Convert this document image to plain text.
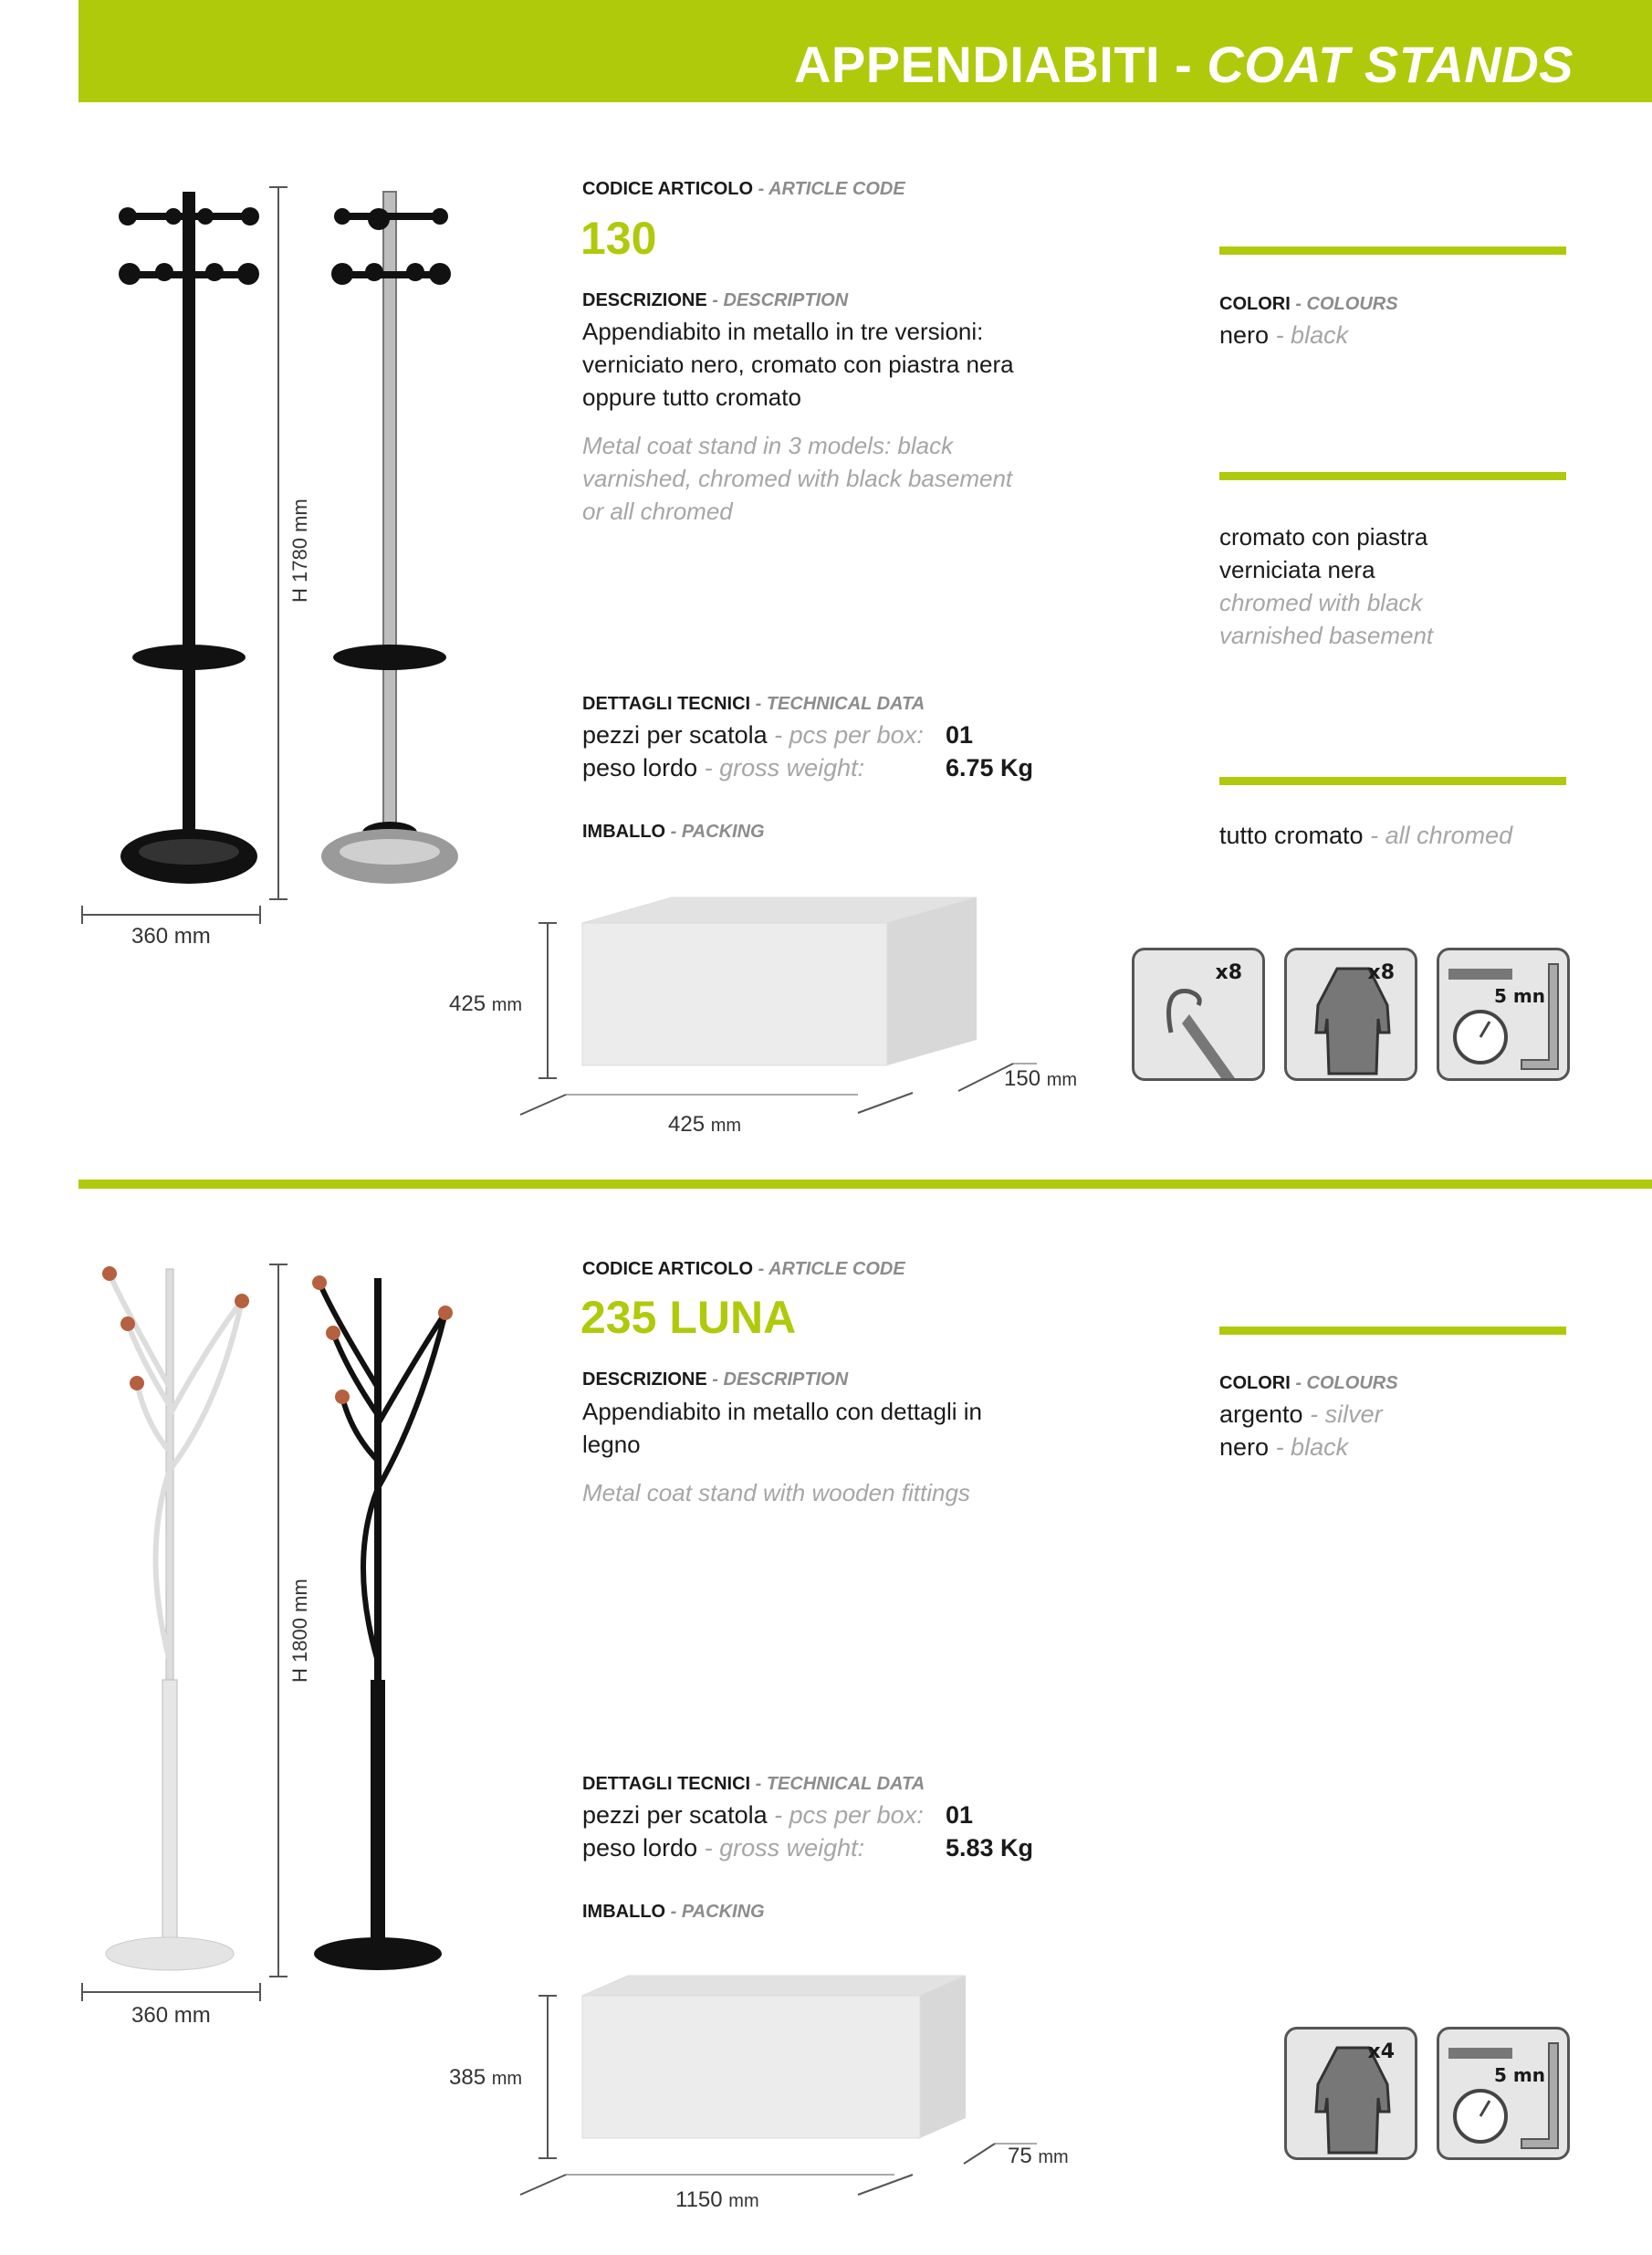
APPENDIABITI - COAT STANDS
H 1780 mm
360 mm
CODICE ARTICOLO - ARTICLE CODE
130
DESCRIZIONE - DESCRIPTION
Appendiabito in metallo in tre versioni:
verniciato nero, cromato con piastra nera
oppure tutto cromato
Metal coat stand in 3 models: black
varnished, chromed with black basement
or all chromed
DETTAGLI TECNICI - TECHNICAL DATA
pezzi per scatola - pcs per box: 01
peso lordo - gross weight:	6.75 Kg
IMBALLO - PACKING
425 mm
425 mm
150 mm
COLORI - COLOURS
nero - black
cromato con piastra
verniciata nera
chromed with black
varnished basement
tutto cromato - all chromed
x8	x8
5 mn
H 1800 mm
360 mm
CODICE ARTICOLO - ARTICLE CODE
235 LUNA
DESCRIZIONE - DESCRIPTION
Appendiabito in metallo con dettagli in
legno
Metal coat stand with wooden fittings
DETTAGLI TECNICI - TECHNICAL DATA
pezzi per scatola - pcs per box: 01
peso lordo - gross weight:	5.83 Kg
IMBALLO - PACKING
385 mm
1150 mm
75 mm
COLORI - COLOURS
argento - silver
nero - black
x4
5 mn
